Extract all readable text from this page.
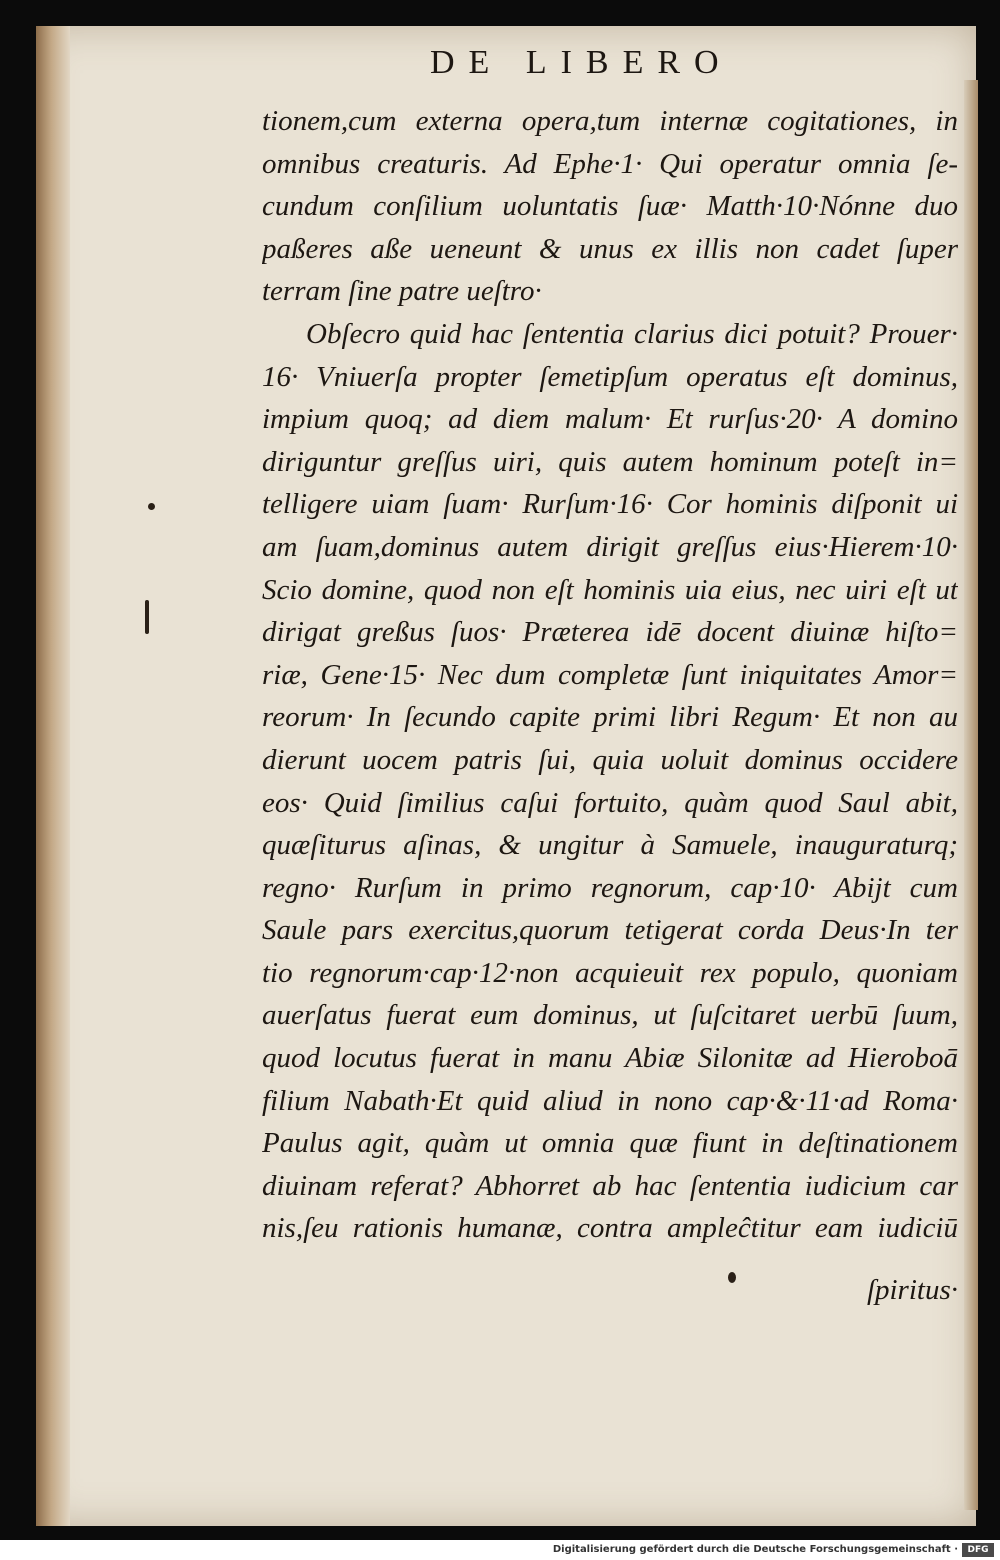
DE LIBERO
tionem,cum externa opera,tum internæ cogitationes, in
omnibus creaturis. Ad Ephe·1· Qui operatur omnia ſe-
cundum conſilium uoluntatis ſuæ· Matth·10·Nónne duo
paßeres aße ueneunt & unus ex illis non cadet ſuper
terram ſine patre ueſtro·
Obſecro quid hac ſententia clarius dici potuit? Prouer·
16· Vniuerſa propter ſemetipſum operatus eſt dominus,
impium quoq; ad diem malum· Et rurſus·20· A domino
diriguntur greſſus uiri, quis autem hominum poteſt in=
telligere uiam ſuam· Rurſum·16· Cor hominis diſponit ui
am ſuam,dominus autem dirigit greſſus eius·Hierem·10·
Scio domine, quod non eſt hominis uia eius, nec uiri eſt ut
dirigat greßus ſuos· Præterea idē docent diuinæ hiſto=
riæ, Gene·15· Nec dum completæ ſunt iniquitates Amor=
reorum· In ſecundo capite primi libri Regum· Et non au
dierunt uocem patris ſui, quia uoluit dominus occidere
eos· Quid ſimilius caſui fortuito, quàm quod Saul abit,
quæſiturus aſinas, & ungitur à Samuele, inauguraturq;
regno· Rurſum in primo regnorum, cap·10· Abijt cum
Saule pars exercitus,quorum tetigerat corda Deus·In ter
tio regnorum·cap·12·non acquieuit rex populo, quoniam
auerſatus fuerat eum dominus, ut ſuſcitaret uerbū ſuum,
quod locutus fuerat in manu Abiæ Silonitæ ad Hieroboā
filium Nabath·Et quid aliud in nono cap·&·11·ad Roma·
Paulus agit, quàm ut omnia quæ fiunt in deſtinationem
diuinam referat? Abhorret ab hac ſententia iudicium car
nis,ſeu rationis humanæ, contra ampleĉtitur eam iudiciū
ſpiritus·
Digitalisierung gefördert durch die Deutsche Forschungsgemeinschaft ·	DFG
